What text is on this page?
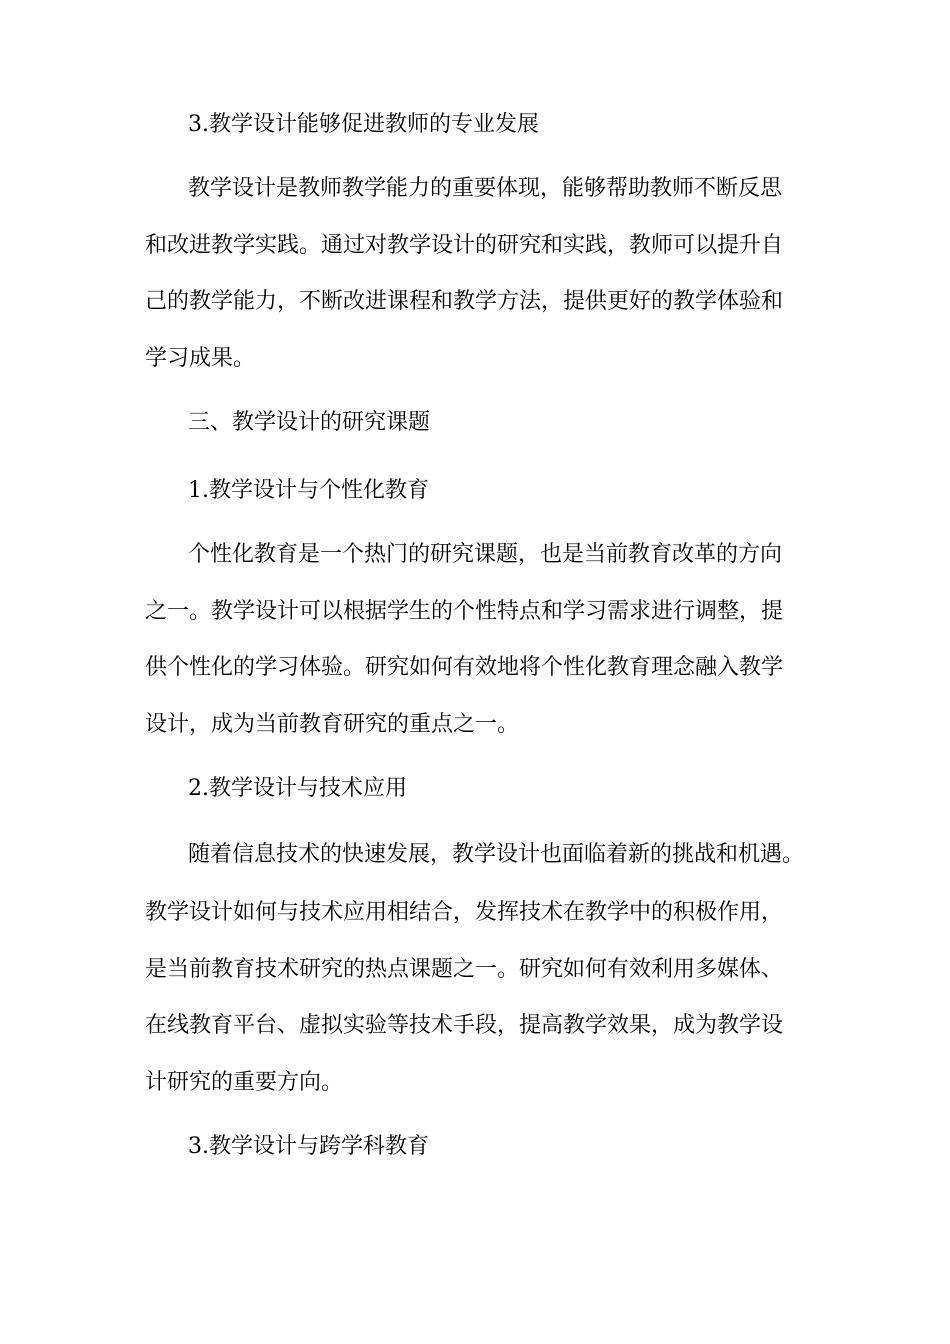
3.教学设计能够促进教师的专业发展
教学设计是教师教学能力的重要体现，能够帮助教师不断反思
和改进教学实践。通过对教学设计的研究和实践，教师可以提升自
己的教学能力，不断改进课程和教学方法，提供更好的教学体验和
学习成果。
三、教学设计的研究课题
1.教学设计与个性化教育
个性化教育是一个热门的研究课题，也是当前教育改革的方向
之一。教学设计可以根据学生的个性特点和学习需求进行调整，提
供个性化的学习体验。研究如何有效地将个性化教育理念融入教学
设计，成为当前教育研究的重点之一。
2.教学设计与技术应用
随着信息技术的快速发展，教学设计也面临着新的挑战和机遇。
教学设计如何与技术应用相结合，发挥技术在教学中的积极作用，
是当前教育技术研究的热点课题之一。研究如何有效利用多媒体、
在线教育平台、虚拟实验等技术手段，提高教学效果，成为教学设
计研究的重要方向。
3.教学设计与跨学科教育
